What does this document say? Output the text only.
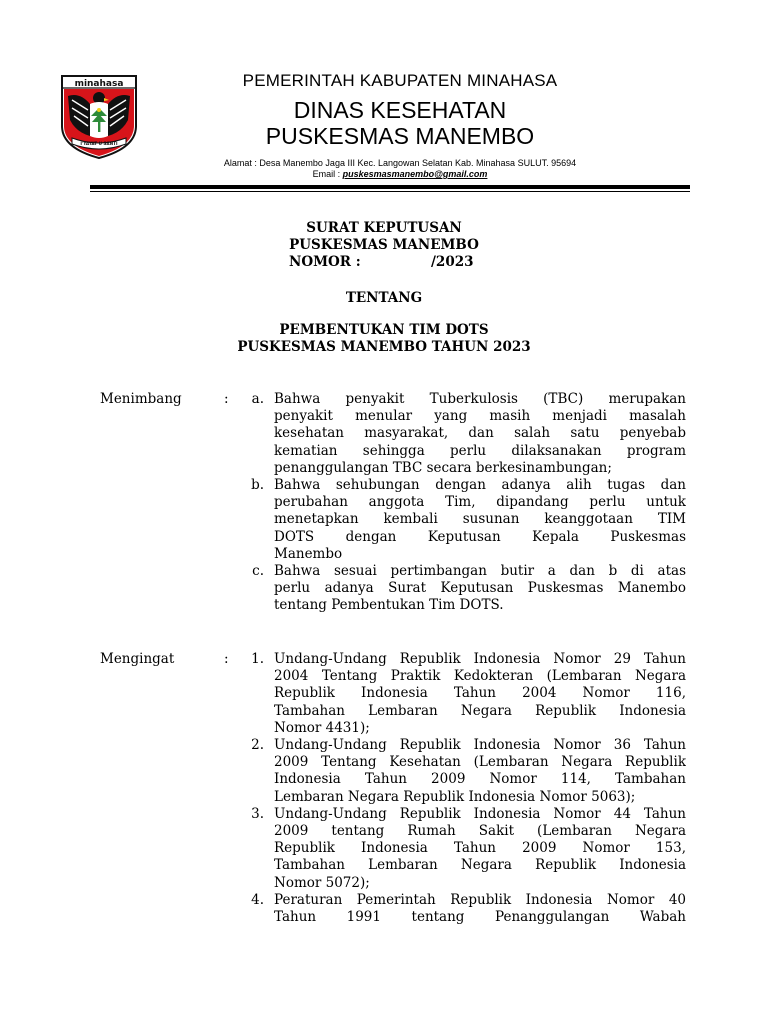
minahasa
I'YAYAT U SANTI
PEMERINTAH KABUPATEN MINAHASA
DINAS KESEHATAN
PUSKESMAS MANEMBO
Alamat : Desa Manembo Jaga III Kec. Langowan Selatan Kab. Minahasa SULUT. 95694
Email : puskesmasmanembo@gmail.com
SURAT KEPUTUSAN
PUSKESMAS MANEMBO
NOMOR :	/2023
TENTANG
PEMBENTUKAN TIM DOTS
PUSKESMAS MANEMBO TAHUN 2023
Menimbang	:	a. Bahwa penyakit Tuberkulosis (TBC) merupakan
penyakit menular yang masih menjadi masalah
kesehatan masyarakat, dan salah satu penyebab
kematian sehingga perlu dilaksanakan program
penanggulangan TBC secara berkesinambungan;
b. Bahwa sehubungan dengan adanya alih tugas dan
perubahan anggota Tim, dipandang perlu untuk
menetapkan kembali susunan keanggotaan TIM
DOTS dengan Keputusan Kepala Puskesmas
Manembo
c. Bahwa sesuai pertimbangan butir a dan b di atas
perlu adanya Surat Keputusan Puskesmas Manembo
tentang Pembentukan Tim DOTS.
Mengingat	:	1. Undang-Undang Republik Indonesia Nomor 29 Tahun
2004 Tentang Praktik Kedokteran (Lembaran Negara
Republik Indonesia Tahun 2004 Nomor 116,
Tambahan Lembaran Negara Republik Indonesia
Nomor 4431);
2. Undang-Undang Republik Indonesia Nomor 36 Tahun
2009 Tentang Kesehatan (Lembaran Negara Republik
Indonesia Tahun 2009 Nomor 114, Tambahan
Lembaran Negara Republik Indonesia Nomor 5063);
3. Undang-Undang Republik Indonesia Nomor 44 Tahun
2009 tentang Rumah Sakit (Lembaran Negara
Republik Indonesia Tahun 2009 Nomor 153,
Tambahan Lembaran Negara Republik Indonesia
Nomor 5072);
4. Peraturan Pemerintah Republik Indonesia Nomor 40
Tahun 1991 tentang Penanggulangan Wabah
